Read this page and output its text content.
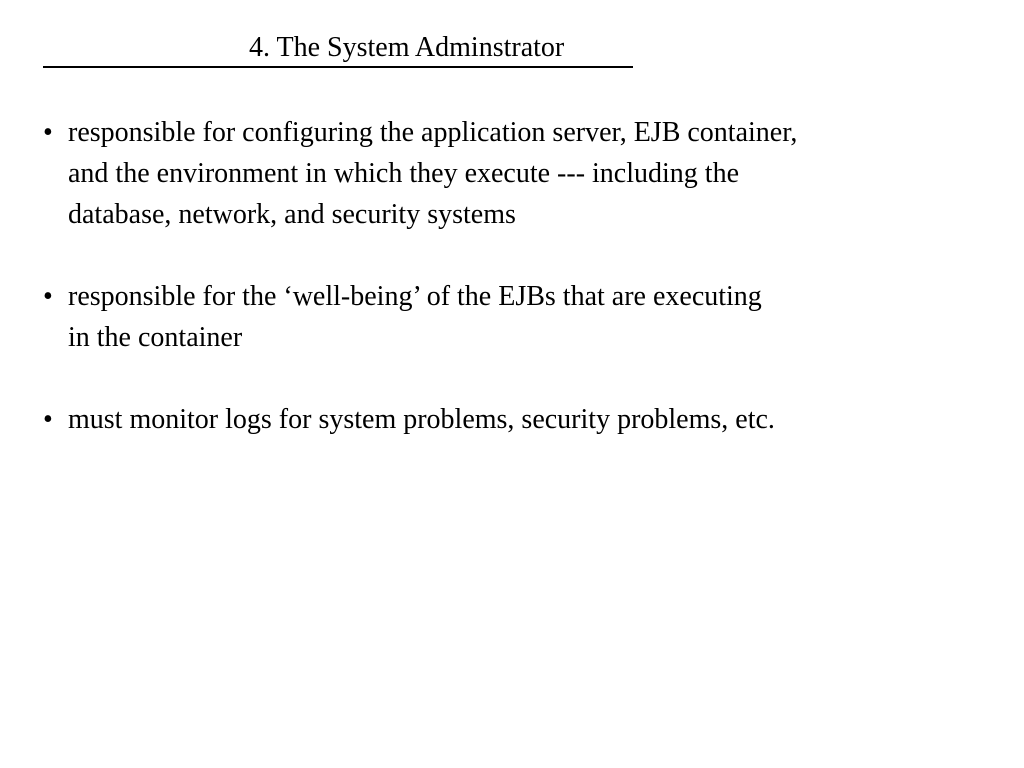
4. The System Adminstrator
• responsible for configuring the application server, EJB container,
and the environment in which they execute --- including the
database, network, and security systems
• responsible for the ‘well-being’ of the EJBs that are executing
in the container
• must monitor logs for system problems, security problems, etc.
